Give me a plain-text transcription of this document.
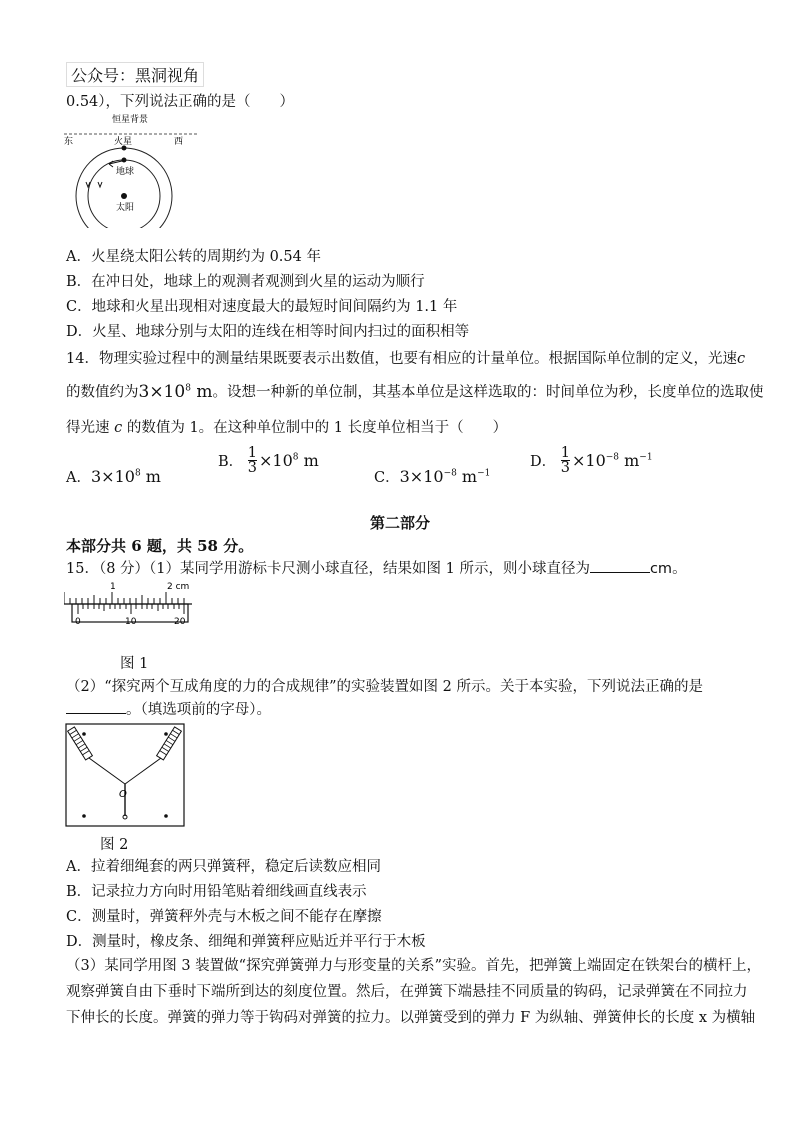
公众号：黑洞视角
0.54），下列说法正确的是（　　）
恒星背景
东	西
火星
地球
太阳
A．火星绕太阳公转的周期约为 0.54 年
B．在冲日处，地球上的观测者观测到火星的运动为顺行
C．地球和火星出现相对速度最大的最短时间间隔约为 1.1 年
D．火星、地球分别与太阳的连线在相等时间内扫过的面积相等
14．物理实验过程中的测量结果既要表示出数值，也要有相应的计量单位。根据国际单位制的定义，光速c
的数值约为$3\times 10^8$ m。设想一种新的单位制，其基本单位是这样选取的：时间单位为秒，长度单位的选取使
得光速 c 的数值为 1。在这种单位制中的 1 长度单位相当于（　　）
A．$3\times 10^8$ m
B． $\frac{1}{3} \times 10^8$ m
C．$3\times 10^{-8}$ $m^{-1}$
D． $\frac{1}{3} \times 10^{-8}$ $m^{-1}$
第二部分
本部分共 6 题，共 58 分。
15．（8 分）（1）某同学用游标卡尺测小球直径，结果如图 1 所示，则小球直径为	cm。
1	2 cm
0	10	20
图 1
（2）“探究两个互成角度的力的合成规律”的实验装置如图 2 所示。关于本实验，下列说法正确的是
。（填选项前的字母）。
O
图 2
A．拉着细绳套的两只弹簧秤，稳定后读数应相同
B．记录拉力方向时用铅笔贴着细线画直线表示
C．测量时，弹簧秤外壳与木板之间不能存在摩擦
D．测量时，橡皮条、细绳和弹簧秤应贴近并平行于木板
（3）某同学用图 3 装置做“探究弹簧弹力与形变量的关系”实验。首先，把弹簧上端固定在铁架台的横杆上，
观察弹簧自由下垂时下端所到达的刻度位置。然后，在弹簧下端悬挂不同质量的钩码，记录弹簧在不同拉力
下伸长的长度。弹簧的弹力等于钩码对弹簧的拉力。以弹簧受到的弹力 F 为纵轴、弹簧伸长的长度 x 为横轴
